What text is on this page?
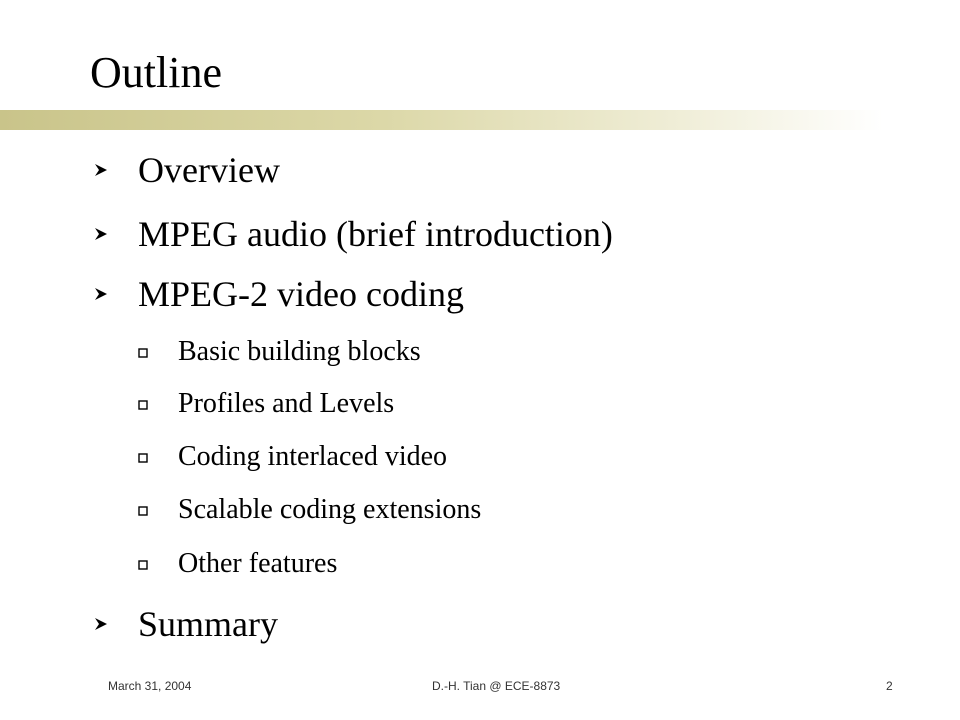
Outline
Overview
MPEG audio (brief introduction)
MPEG-2 video coding
Basic building blocks
Profiles and Levels
Coding interlaced video
Scalable coding extensions
Other features
Summary
March 31, 2004	D.-H. Tian @ ECE-8873	2
